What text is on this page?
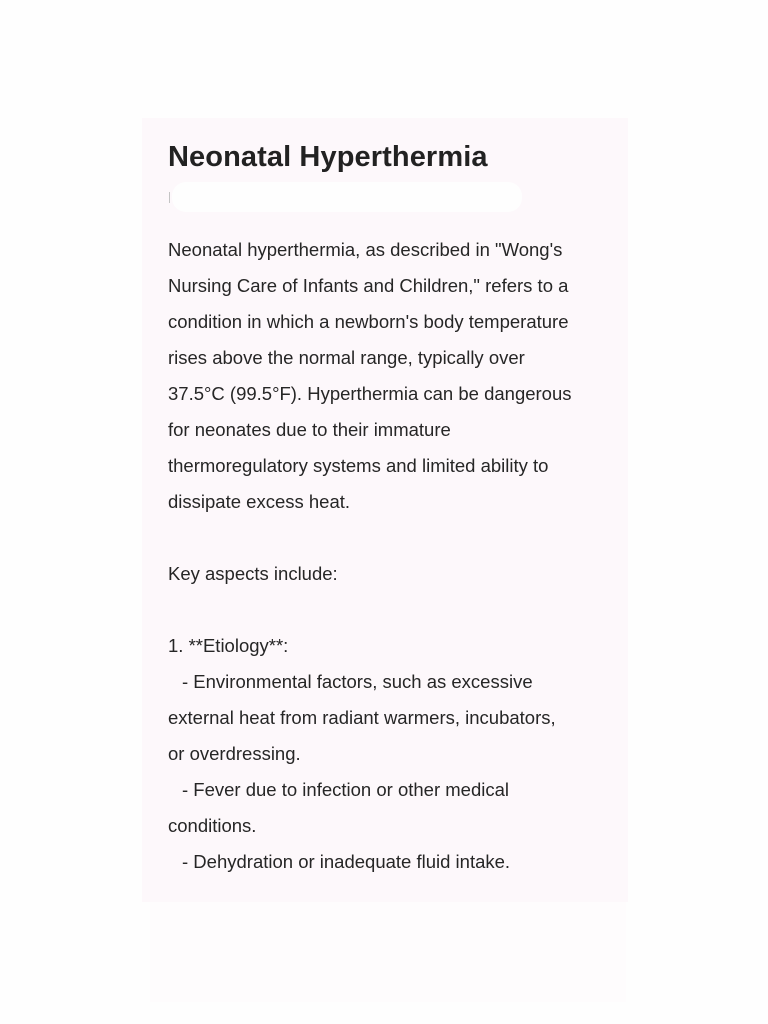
Neonatal Hyperthermia
Neonatal hyperthermia, as described in "Wong's
Nursing Care of Infants and Children," refers to a
condition in which a newborn's body temperature
rises above the normal range, typically over
37.5°C (99.5°F). Hyperthermia can be dangerous
for neonates due to their immature
thermoregulatory systems and limited ability to
dissipate excess heat.
Key aspects include:
1. **Etiology**:
- Environmental factors, such as excessive
external heat from radiant warmers, incubators,
or overdressing.
- Fever due to infection or other medical
conditions.
- Dehydration or inadequate fluid intake.
